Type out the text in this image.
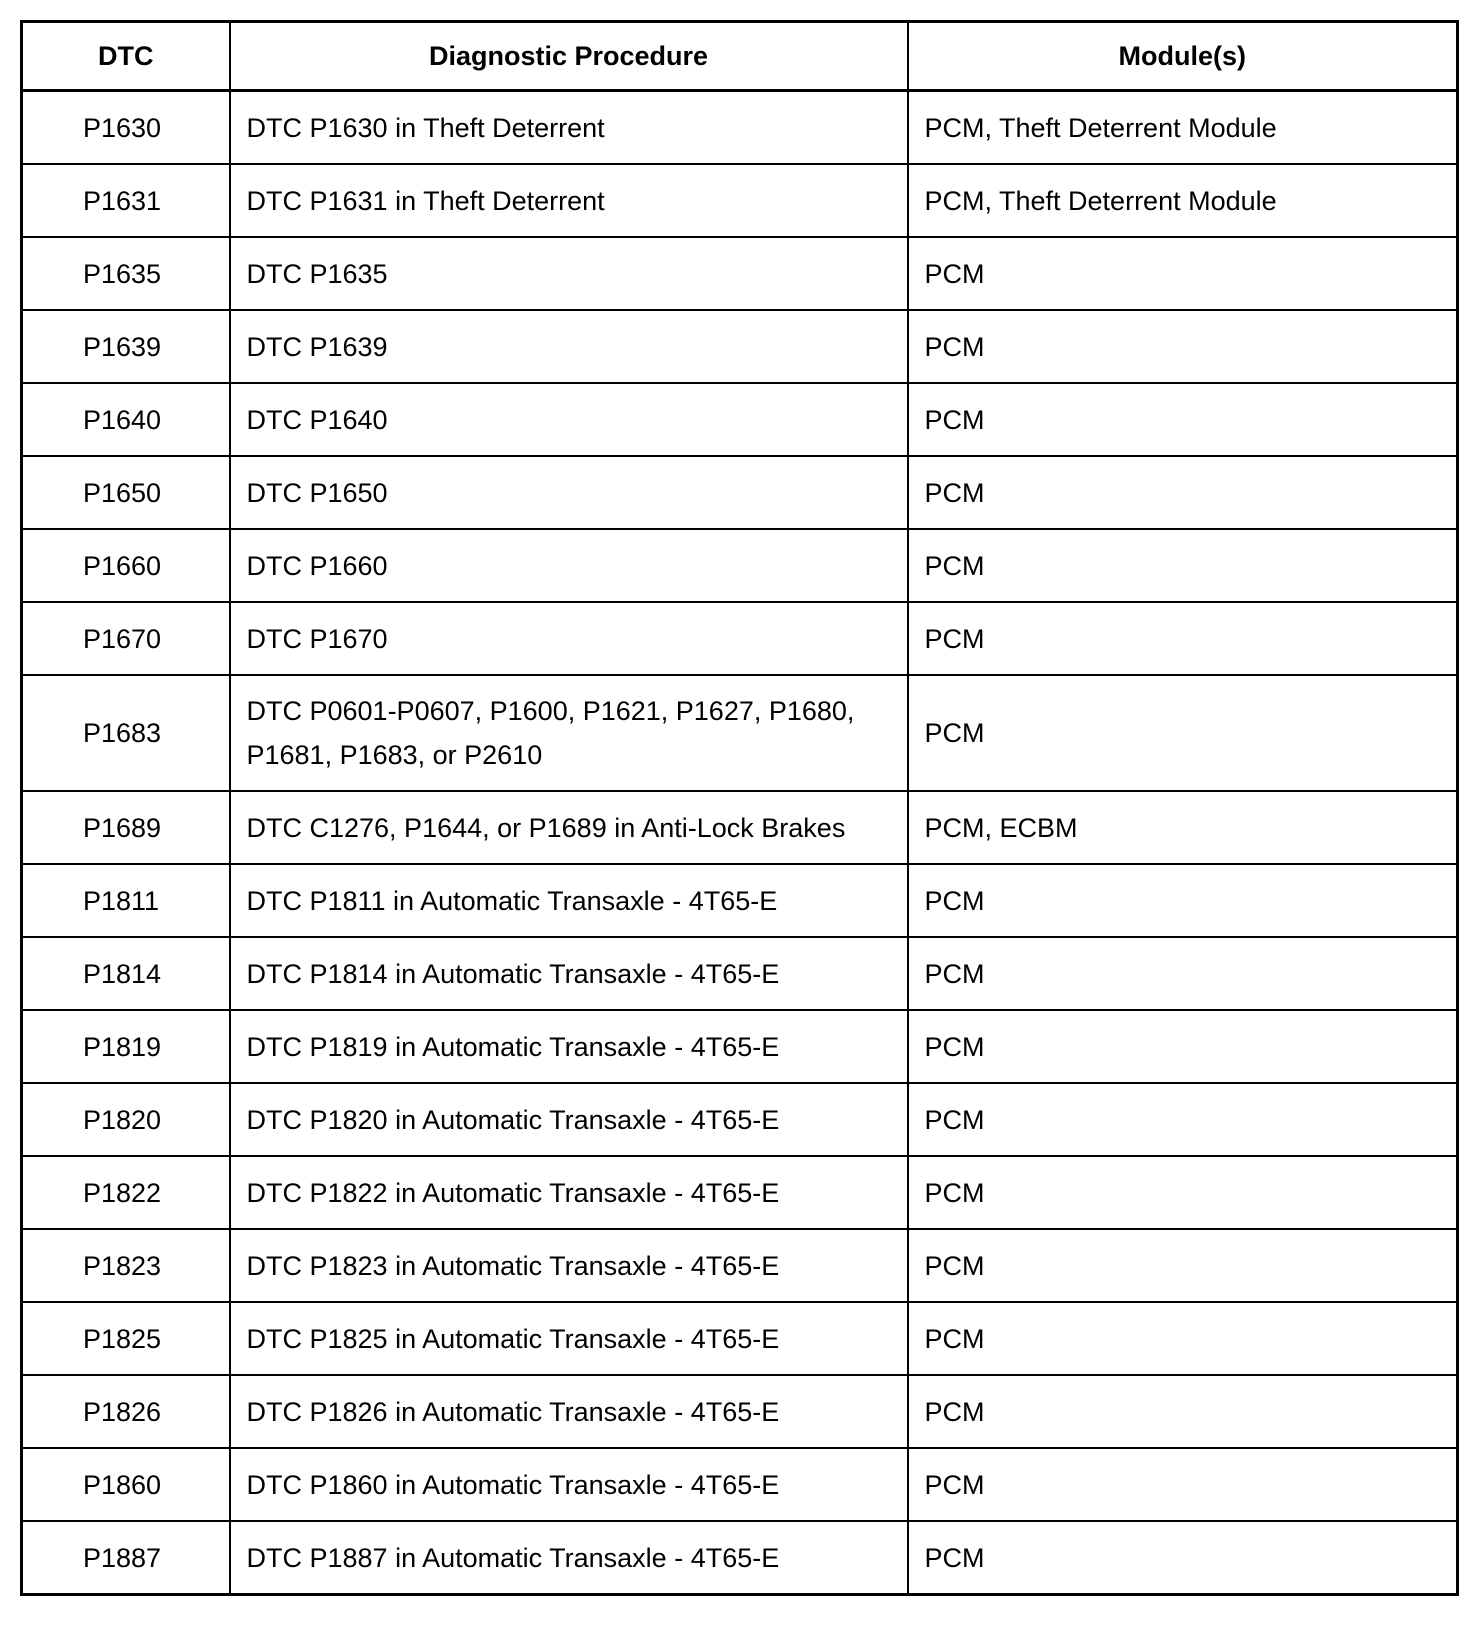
DTC	Diagnostic Procedure	Module(s)
P1630	DTC P1630 in Theft Deterrent	PCM, Theft Deterrent Module
P1631	DTC P1631 in Theft Deterrent	PCM, Theft Deterrent Module
P1635	DTC P1635	PCM
P1639	DTC P1639	PCM
P1640	DTC P1640	PCM
P1650	DTC P1650	PCM
P1660	DTC P1660	PCM
P1670	DTC P1670	PCM
P1683	DTC P0601-P0607, P1600, P1621, P1627, P1680, P1681, P1683, or P2610	PCM
P1689	DTC C1276, P1644, or P1689 in Anti-Lock Brakes	PCM, ECBM
P1811	DTC P1811 in Automatic Transaxle - 4T65-E	PCM
P1814	DTC P1814 in Automatic Transaxle - 4T65-E	PCM
P1819	DTC P1819 in Automatic Transaxle - 4T65-E	PCM
P1820	DTC P1820 in Automatic Transaxle - 4T65-E	PCM
P1822	DTC P1822 in Automatic Transaxle - 4T65-E	PCM
P1823	DTC P1823 in Automatic Transaxle - 4T65-E	PCM
P1825	DTC P1825 in Automatic Transaxle - 4T65-E	PCM
P1826	DTC P1826 in Automatic Transaxle - 4T65-E	PCM
P1860	DTC P1860 in Automatic Transaxle - 4T65-E	PCM
P1887	DTC P1887 in Automatic Transaxle - 4T65-E	PCM
